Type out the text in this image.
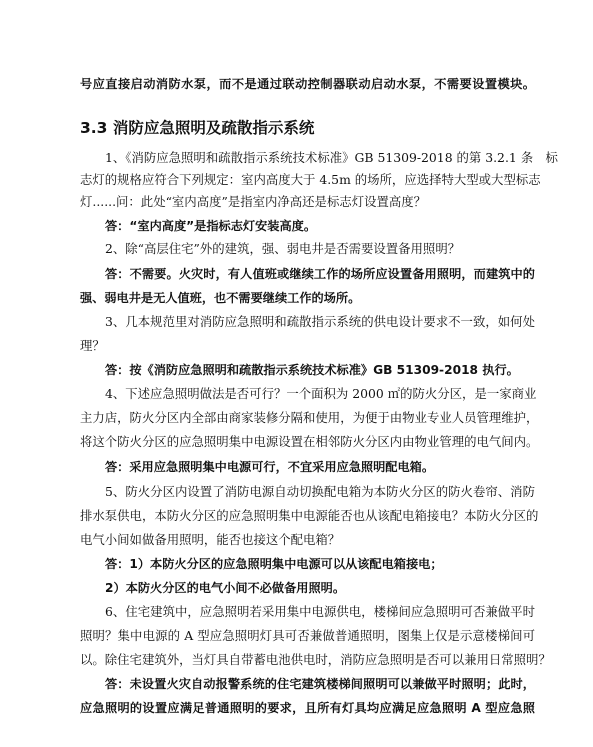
号应直接启动消防水泵，而不是通过联动控制器联动启动水泵，不需要设置模块。
3.3 消防应急照明及疏散指示系统
1、《消防应急照明和疏散指示系统技术标准》GB 51309-2018 的第 3.2.1 条　标
志灯的规格应符合下列规定：室内高度大于 4.5m 的场所，应选择特大型或大型标志
灯......问：此处“室内高度”是指室内净高还是标志灯设置高度？
答：“室内高度”是指标志灯安装高度。
2、除“高层住宅”外的建筑，强、弱电井是否需要设置备用照明？
答：不需要。火灾时，有人值班或继续工作的场所应设置备用照明，而建筑中的
强、弱电井是无人值班，也不需要继续工作的场所。
3、几本规范里对消防应急照明和疏散指示系统的供电设计要求不一致，如何处
理？
答：按《消防应急照明和疏散指示系统技术标准》GB 51309-2018 执行。
4、下述应急照明做法是否可行？一个面积为 2000 ㎡的防火分区，是一家商业
主力店，防火分区内全部由商家装修分隔和使用，为便于由物业专业人员管理维护，
将这个防火分区的应急照明集中电源设置在相邻防火分区内由物业管理的电气间内。
答：采用应急照明集中电源可行，不宜采用应急照明配电箱。
5、防火分区内设置了消防电源自动切换配电箱为本防火分区的防火卷帘、消防
排水泵供电，本防火分区的应急照明集中电源能否也从该配电箱接电？本防火分区的
电气小间如做备用照明，能否也接这个配电箱？
答：1）本防火分区的应急照明集中电源可以从该配电箱接电；
2）本防火分区的电气小间不必做备用照明。
6、住宅建筑中，应急照明若采用集中电源供电，楼梯间应急照明可否兼做平时
照明？集中电源的 A 型应急照明灯具可否兼做普通照明，图集上仅是示意楼梯间可
以。除住宅建筑外，当灯具自带蓄电池供电时，消防应急照明是否可以兼用日常照明？
答：未设置火灾自动报警系统的住宅建筑楼梯间照明可以兼做平时照明；此时，
应急照明的设置应满足普通照明的要求，且所有灯具均应满足应急照明 A 型应急照
